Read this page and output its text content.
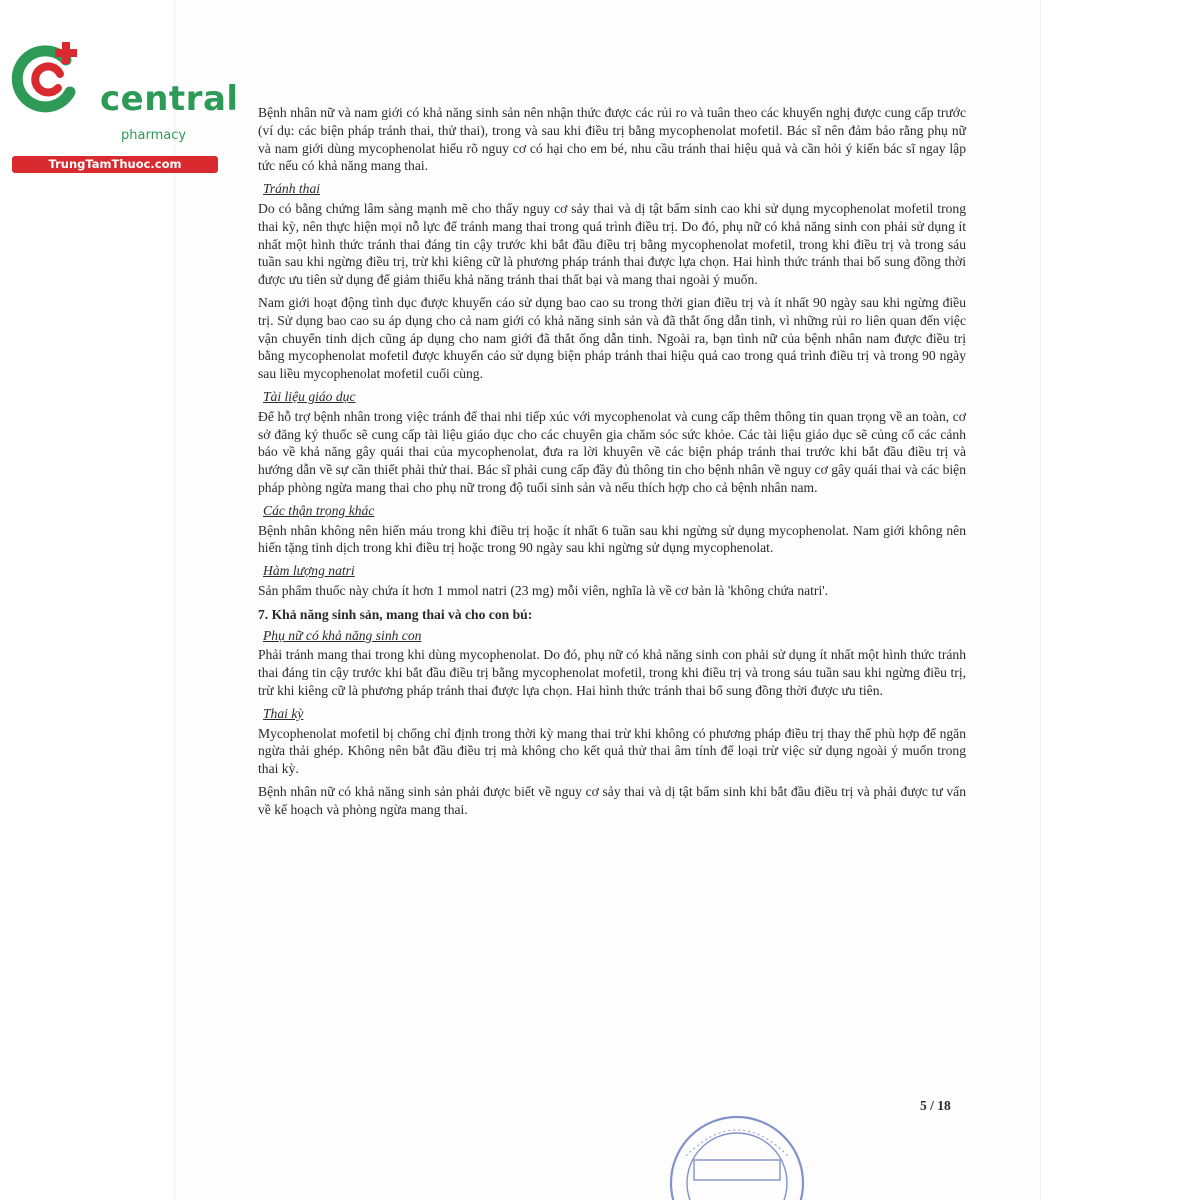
central
pharmacy
TrungTamThuoc.com

Bệnh nhân nữ và nam giới có khả năng sinh sản nên nhận thức được các rủi ro và tuân theo các khuyến nghị được cung cấp trước (ví dụ: các biện pháp tránh thai, thử thai), trong và sau khi điều trị bằng mycophenolat mofetil. Bác sĩ nên đảm bảo rằng phụ nữ và nam giới dùng mycophenolat hiểu rõ nguy cơ có hại cho em bé, nhu cầu tránh thai hiệu quả và cần hỏi ý kiến bác sĩ ngay lập tức nếu có khả năng mang thai.

Tránh thai

Do có bằng chứng lâm sàng mạnh mẽ cho thấy nguy cơ sảy thai và dị tật bẩm sinh cao khi sử dụng mycophenolat mofetil trong thai kỳ, nên thực hiện mọi nỗ lực để tránh mang thai trong quá trình điều trị. Do đó, phụ nữ có khả năng sinh con phải sử dụng ít nhất một hình thức tránh thai đáng tin cậy trước khi bắt đầu điều trị bằng mycophenolat mofetil, trong khi điều trị và trong sáu tuần sau khi ngừng điều trị, trừ khi kiêng cữ là phương pháp tránh thai được lựa chọn. Hai hình thức tránh thai bổ sung đồng thời được ưu tiên sử dụng để giảm thiểu khả năng tránh thai thất bại và mang thai ngoài ý muốn.

Nam giới hoạt động tình dục được khuyến cáo sử dụng bao cao su trong thời gian điều trị và ít nhất 90 ngày sau khi ngừng điều trị. Sử dụng bao cao su áp dụng cho cả nam giới có khả năng sinh sản và đã thắt ống dẫn tinh, vì những rủi ro liên quan đến việc vận chuyển tinh dịch cũng áp dụng cho nam giới đã thắt ống dẫn tinh. Ngoài ra, bạn tình nữ của bệnh nhân nam được điều trị bằng mycophenolat mofetil được khuyến cáo sử dụng biện pháp tránh thai hiệu quả cao trong quá trình điều trị và trong 90 ngày sau liều mycophenolat mofetil cuối cùng.

Tài liệu giáo dục

Để hỗ trợ bệnh nhân trong việc tránh để thai nhi tiếp xúc với mycophenolat và cung cấp thêm thông tin quan trọng về an toàn, cơ sở đăng ký thuốc sẽ cung cấp tài liệu giáo dục cho các chuyên gia chăm sóc sức khỏe. Các tài liệu giáo dục sẽ củng cố các cảnh báo về khả năng gây quái thai của mycophenolat, đưa ra lời khuyên về các biện pháp tránh thai trước khi bắt đầu điều trị và hướng dẫn về sự cần thiết phải thử thai. Bác sĩ phải cung cấp đầy đủ thông tin cho bệnh nhân về nguy cơ gây quái thai và các biện pháp phòng ngừa mang thai cho phụ nữ trong độ tuổi sinh sản và nếu thích hợp cho cả bệnh nhân nam.

Các thận trọng khác

Bệnh nhân không nên hiến máu trong khi điều trị hoặc ít nhất 6 tuần sau khi ngừng sử dụng mycophenolat. Nam giới không nên hiến tặng tinh dịch trong khi điều trị hoặc trong 90 ngày sau khi ngừng sử dụng mycophenolat.

Hàm lượng natri

Sản phẩm thuốc này chứa ít hơn 1 mmol natri (23 mg) mỗi viên, nghĩa là về cơ bản là 'không chứa natri'.

7. Khả năng sinh sản, mang thai và cho con bú:
Phụ nữ có khả năng sinh con

Phải tránh mang thai trong khi dùng mycophenolat. Do đó, phụ nữ có khả năng sinh con phải sử dụng ít nhất một hình thức tránh thai đáng tin cậy trước khi bắt đầu điều trị bằng mycophenolat mofetil, trong khi điều trị và trong sáu tuần sau khi ngừng điều trị, trừ khi kiêng cữ là phương pháp tránh thai được lựa chọn. Hai hình thức tránh thai bổ sung đồng thời được ưu tiên.

Thai kỳ

Mycophenolat mofetil bị chống chỉ định trong thời kỳ mang thai trừ khi không có phương pháp điều trị thay thế phù hợp để ngăn ngừa thải ghép. Không nên bắt đầu điều trị mà không cho kết quả thử thai âm tính để loại trừ việc sử dụng ngoài ý muốn trong thai kỳ.

Bệnh nhân nữ có khả năng sinh sản phải được biết về nguy cơ sảy thai và dị tật bẩm sinh khi bắt đầu điều trị và phải được tư vấn về kế hoạch và phòng ngừa mang thai.

5 / 18
